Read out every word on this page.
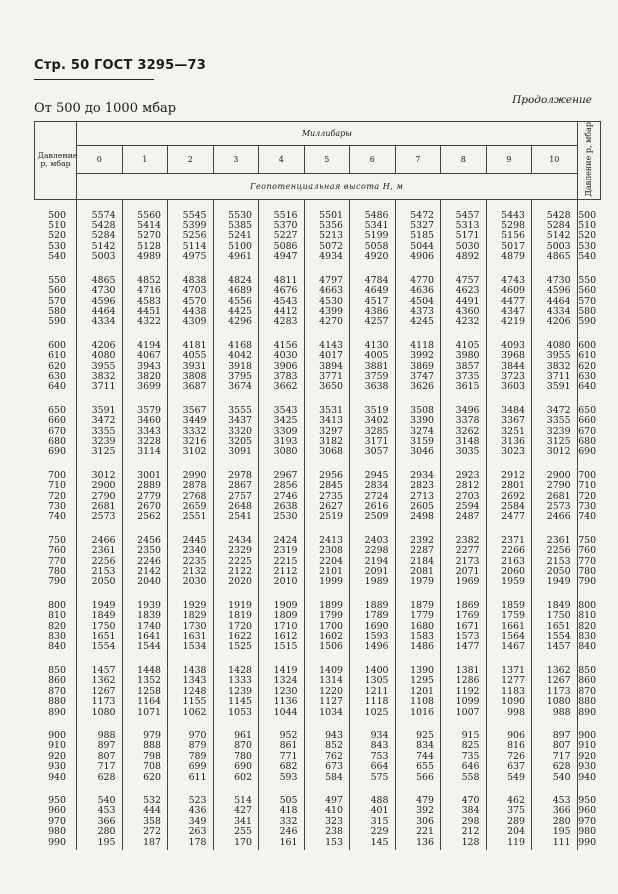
Стр. 50 ГОСТ 3295—73
От 500 до 1000 мбар
Продолжение
Давление p, мбар	Миллибары											Давление p, мбар
	0	1	2	3	4	5	6	7	8	9	10	
	Геопотенциальная высота H, м											
500	5574	5560	5545	5530	5516	5501	5486	5472	5457	5443	5428	500
510	5428	5414	5399	5385	5370	5356	5341	5327	5313	5298	5284	510
520	5284	5270	5256	5241	5227	5213	5199	5185	5171	5156	5142	520
530	5142	5128	5114	5100	5086	5072	5058	5044	5030	5017	5003	530
540	5003	4989	4975	4961	4947	4934	4920	4906	4892	4879	4865	540
550	4865	4852	4838	4824	4811	4797	4784	4770	4757	4743	4730	550
560	4730	4716	4703	4689	4676	4663	4649	4636	4623	4609	4596	560
570	4596	4583	4570	4556	4543	4530	4517	4504	4491	4477	4464	570
580	4464	4451	4438	4425	4412	4399	4386	4373	4360	4347	4334	580
590	4334	4322	4309	4296	4283	4270	4257	4245	4232	4219	4206	590
600	4206	4194	4181	4168	4156	4143	4130	4118	4105	4093	4080	600
610	4080	4067	4055	4042	4030	4017	4005	3992	3980	3968	3955	610
620	3955	3943	3931	3918	3906	3894	3881	3869	3857	3844	3832	620
630	3832	3820	3808	3795	3783	3771	3759	3747	3735	3723	3711	630
640	3711	3699	3687	3674	3662	3650	3638	3626	3615	3603	3591	640
650	3591	3579	3567	3555	3543	3531	3519	3508	3496	3484	3472	650
660	3472	3460	3449	3437	3425	3413	3402	3390	3378	3367	3355	660
670	3355	3343	3332	3320	3309	3297	3285	3274	3262	3251	3239	670
680	3239	3228	3216	3205	3193	3182	3171	3159	3148	3136	3125	680
690	3125	3114	3102	3091	3080	3068	3057	3046	3035	3023	3012	690
700	3012	3001	2990	2978	2967	2956	2945	2934	2923	2912	2900	700
710	2900	2889	2878	2867	2856	2845	2834	2823	2812	2801	2790	710
720	2790	2779	2768	2757	2746	2735	2724	2713	2703	2692	2681	720
730	2681	2670	2659	2648	2638	2627	2616	2605	2594	2584	2573	730
740	2573	2562	2551	2541	2530	2519	2509	2498	2487	2477	2466	740
750	2466	2456	2445	2434	2424	2413	2403	2392	2382	2371	2361	750
760	2361	2350	2340	2329	2319	2308	2298	2287	2277	2266	2256	760
770	2256	2246	2235	2225	2215	2204	2194	2184	2173	2163	2153	770
780	2153	2142	2132	2122	2112	2101	2091	2081	2071	2060	2050	780
790	2050	2040	2030	2020	2010	1999	1989	1979	1969	1959	1949	790
800	1949	1939	1929	1919	1909	1899	1889	1879	1869	1859	1849	800
810	1849	1839	1829	1819	1809	1799	1789	1779	1769	1759	1750	810
820	1750	1740	1730	1720	1710	1700	1690	1680	1671	1661	1651	820
830	1651	1641	1631	1622	1612	1602	1593	1583	1573	1564	1554	830
840	1554	1544	1534	1525	1515	1506	1496	1486	1477	1467	1457	840
850	1457	1448	1438	1428	1419	1409	1400	1390	1381	1371	1362	850
860	1362	1352	1343	1333	1324	1314	1305	1295	1286	1277	1267	860
870	1267	1258	1248	1239	1230	1220	1211	1201	1192	1183	1173	870
880	1173	1164	1155	1145	1136	1127	1118	1108	1099	1090	1080	880
890	1080	1071	1062	1053	1044	1034	1025	1016	1007	998	988	890
900	988	979	970	961	952	943	934	925	915	906	897	900
910	897	888	879	870	861	852	843	834	825	816	807	910
920	807	798	789	780	771	762	753	744	735	726	717	920
930	717	708	699	690	682	673	664	655	646	637	628	930
940	628	620	611	602	593	584	575	566	558	549	540	940
950	540	532	523	514	505	497	488	479	470	462	453	950
960	453	444	436	427	418	410	401	392	384	375	366	960
970	366	358	349	341	332	323	315	306	298	289	280	970
980	280	272	263	255	246	238	229	221	212	204	195	980
990	195	187	178	170	161	153	145	136	128	119	111	990
